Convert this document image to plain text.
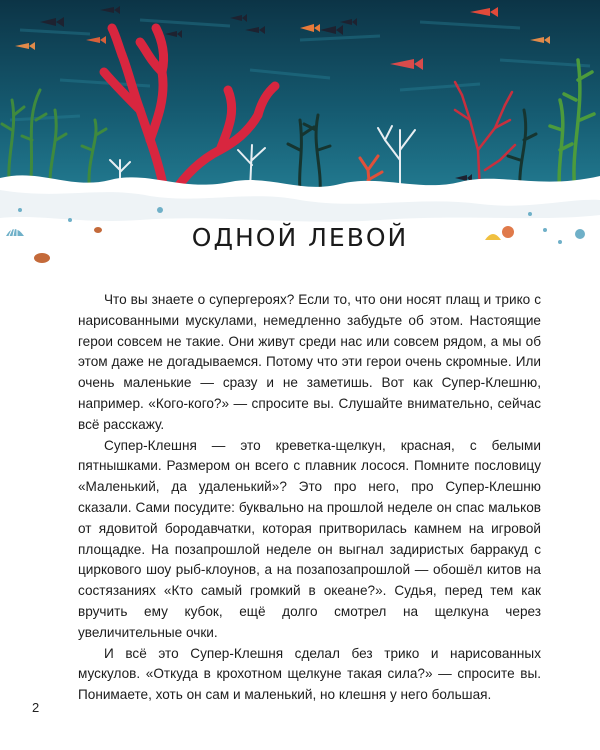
ОДНОЙ ЛЕВОЙ

Что вы знаете о супергероях? Если то, что они носят плащ и трико с нарисованными мускулами, немедленно забудьте об этом. Настоящие герои совсем не такие. Они живут среди нас или совсем рядом, а мы об этом даже не догадываемся. Потому что эти герои очень скромные. Или очень маленькие — сразу и не заметишь. Вот как Супер-Клешню, например. «Кого-кого?» — спросите вы. Слушайте внимательно, сейчас всё расскажу.

Супер-Клешня — это креветка-щелкун, красная, с белыми пятнышками. Размером он всего с плавник лосося. Помните пословицу «Маленький, да удаленький»? Это про него, про Супер-Клешню сказали. Сами посудите: буквально на прошлой неделе он спас мальков от ядовитой бородавчатки, которая притворилась камнем на игровой площадке. На позапрошлой неделе он выгнал задиристых барракуд с циркового шоу рыб-клоунов, а на позапозапрошлой — обошёл китов на состязаниях «Кто самый громкий в океане?». Судья, перед тем как вручить ему кубок, ещё долго смотрел на щелкуна через увеличительные очки.

И всё это Супер-Клешня сделал без трико и нарисованных мускулов. «Откуда в крохотном щелкуне такая сила?» — спросите вы. Понимаете, хоть он сам и маленький, но клешня у него большая.

2
